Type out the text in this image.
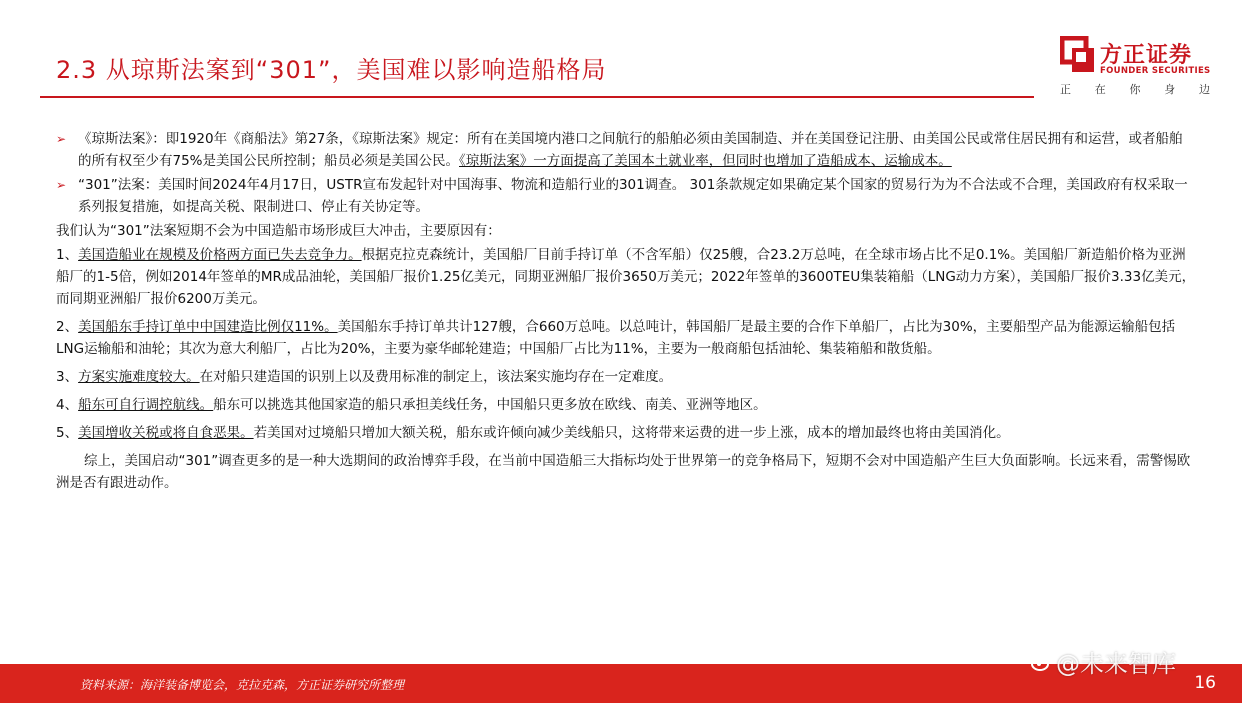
2.3 从琼斯法案到“301”，美国难以影响造船格局
方正证券
FOUNDER SECURITIES
正 在 你 身 边
➢ 《琼斯法案》：即1920年《商船法》第27条，《琼斯法案》规定：所有在美国境内港口之间航行的船舶必须由美国制造、并在美国登记注册、由美国公民或常住居民拥有和运营，或者船舶的所有权至少有75%是美国公民所控制；船员必须是美国公民。《琼斯法案》一方面提高了美国本土就业率，但同时也增加了造船成本、运输成本。
➢ “301”法案：美国时间2024年4月17日，USTR宣布发起针对中国海事、物流和造船行业的301调查。 301条款规定如果确定某个国家的贸易行为为不合法或不合理，美国政府有权采取一系列报复措施，如提高关税、限制进口、停止有关协定等。
我们认为“301”法案短期不会为中国造船市场形成巨大冲击，主要原因有：
1、美国造船业在规模及价格两方面已失去竞争力。根据克拉克森统计，美国船厂目前手持订单（不含军船）仅25艘，合23.2万总吨，在全球市场占比不足0.1%。美国船厂新造船价格为亚洲船厂的1-5倍，例如2014年签单的MR成品油轮，美国船厂报价1.25亿美元，同期亚洲船厂报价3650万美元；2022年签单的3600TEU集装箱船（LNG动力方案），美国船厂报价3.33亿美元，而同期亚洲船厂报价6200万美元。
2、美国船东手持订单中中国建造比例仅11%。美国船东手持订单共计127艘，合660万总吨。以总吨计，韩国船厂是最主要的合作下单船厂，占比为30%，主要船型产品为能源运输船包括LNG运输船和油轮；其次为意大利船厂，占比为20%，主要为豪华邮轮建造；中国船厂占比为11%，主要为一般商船包括油轮、集装箱船和散货船。
3、方案实施难度较大。在对船只建造国的识别上以及费用标准的制定上，该法案实施均存在一定难度。
4、船东可自行调控航线。船东可以挑选其他国家造的船只承担美线任务，中国船只更多放在欧线、南美、亚洲等地区。
5、美国增收关税或将自食恶果。若美国对过境船只增加大额关税，船东或许倾向减少美线船只，这将带来运费的进一步上涨，成本的增加最终也将由美国消化。
综上，美国启动“301”调查更多的是一种大选期间的政治博弈手段，在当前中国造船三大指标均处于世界第一的竞争格局下，短期不会对中国造船产生巨大负面影响。长远来看，需警惕欧洲是否有跟进动作。
资料来源：海洋装备博览会，克拉克森，方正证券研究所整理	16
@未来智库
